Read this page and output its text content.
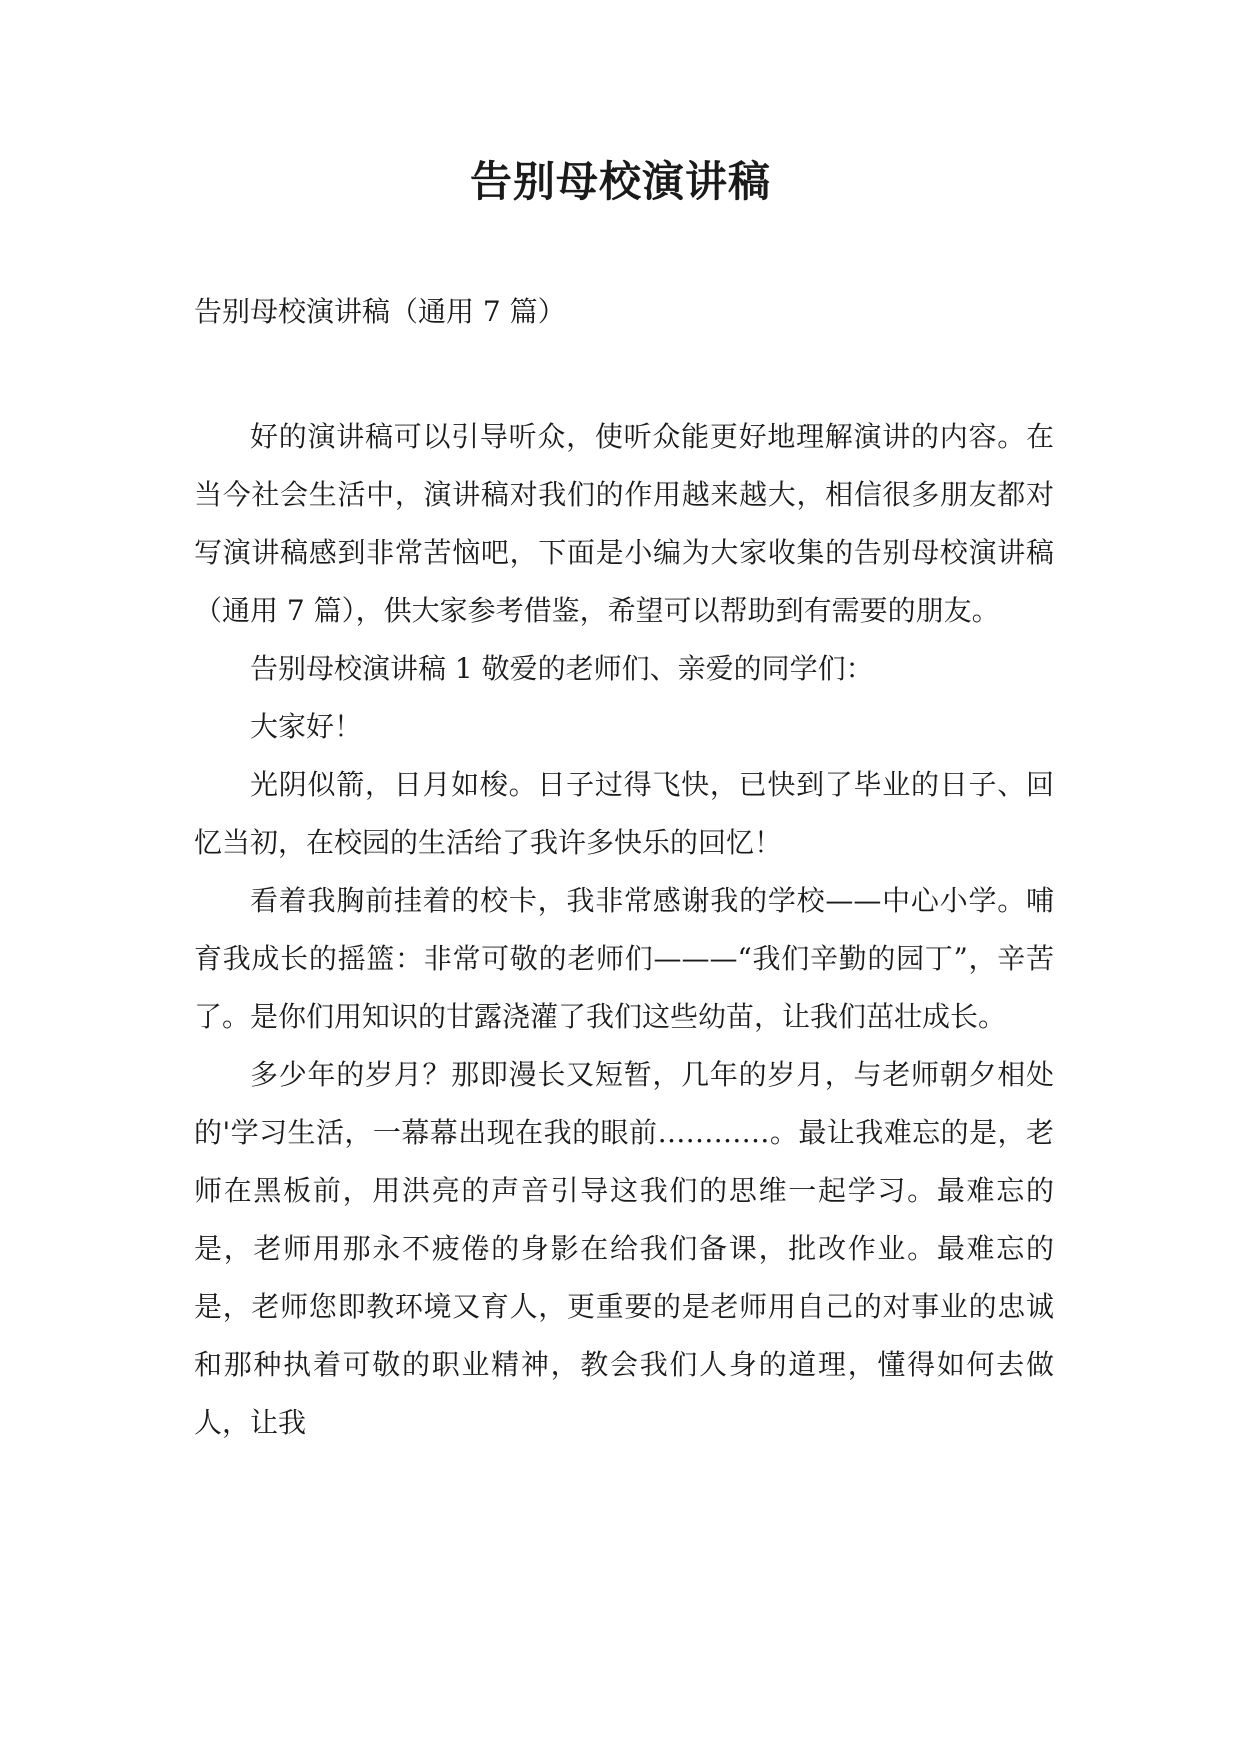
告别母校演讲稿
告别母校演讲稿（通用 7 篇）

好的演讲稿可以引导听众，使听众能更好地理解演讲的内容。在当今社会生活中，演讲稿对我们的作用越来越大，相信很多朋友都对写演讲稿感到非常苦恼吧，下面是小编为大家收集的告别母校演讲稿（通用 7 篇），供大家参考借鉴，希望可以帮助到有需要的朋友。

告别母校演讲稿 1 敬爱的老师们、亲爱的同学们：

大家好！

光阴似箭，日月如梭。日子过得飞快，已快到了毕业的日子、回忆当初，在校园的生活给了我许多快乐的回忆！

看着我胸前挂着的校卡，我非常感谢我的学校——中心小学。哺育我成长的摇篮：非常可敬的老师们———“我们辛勤的园丁”，辛苦了。是你们用知识的甘露浇灌了我们这些幼苗，让我们茁壮成长。

多少年的岁月？那即漫长又短暂，几年的岁月，与老师朝夕相处的'学习生活，一幕幕出现在我的眼前…………。最让我难忘的是，老师在黑板前，用洪亮的声音引导这我们的思维一起学习。最难忘的是，老师用那永不疲倦的身影在给我们备课，批改作业。最难忘的是，老师您即教环境又育人，更重要的是老师用自己的对事业的忠诚和那种执着可敬的职业精神，教会我们人身的道理，懂得如何去做人，让我
